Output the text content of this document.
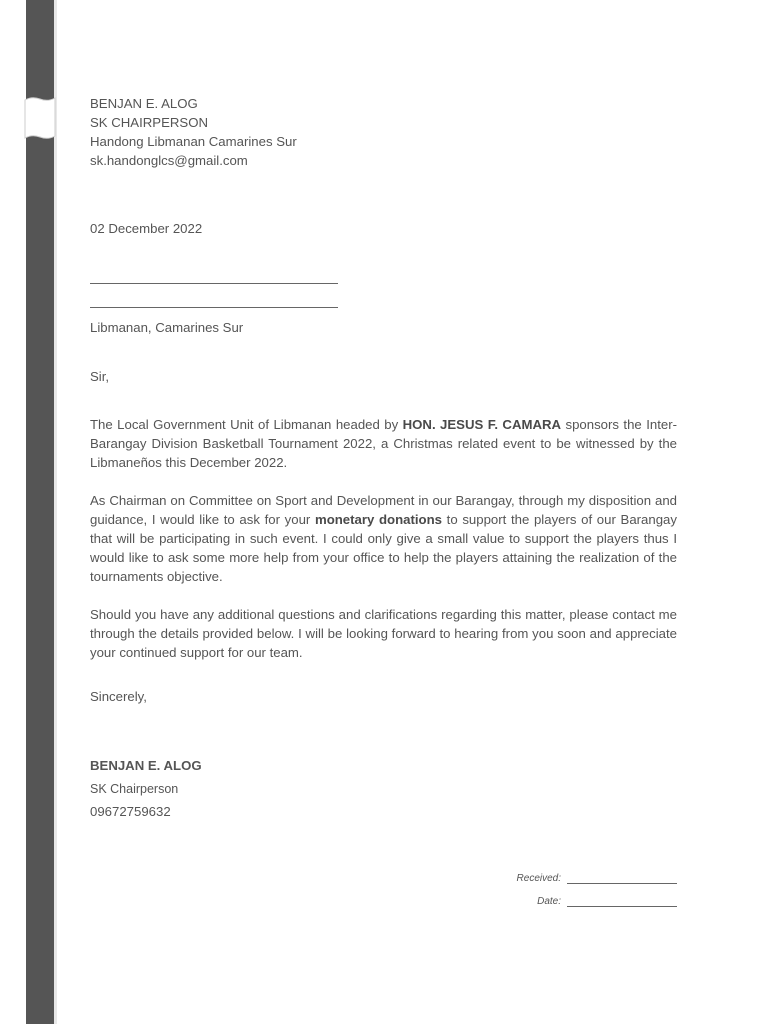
BENJAN E. ALOG
SK CHAIRPERSON
Handong Libmanan Camarines Sur
sk.handonglcs@gmail.com
02 December 2022
Libmanan, Camarines Sur
Sir,

The Local Government Unit of Libmanan headed by HON. JESUS F. CAMARA sponsors the Inter-Barangay Division Basketball Tournament 2022, a Christmas related event to be witnessed by the Libmaneños this December 2022.

As Chairman on Committee on Sport and Development in our Barangay, through my disposition and guidance, I would like to ask for your monetary donations to support the players of our Barangay that will be participating in such event. I could only give a small value to support the players thus I would like to ask some more help from your office to help the players attaining the realization of the tournaments objective.

Should you have any additional questions and clarifications regarding this matter, please contact me through the details provided below. I will be looking forward to hearing from you soon and appreciate your continued support for our team.

Sincerely,
BENJAN E. ALOG
SK Chairperson
09672759632
Received:
Date:
